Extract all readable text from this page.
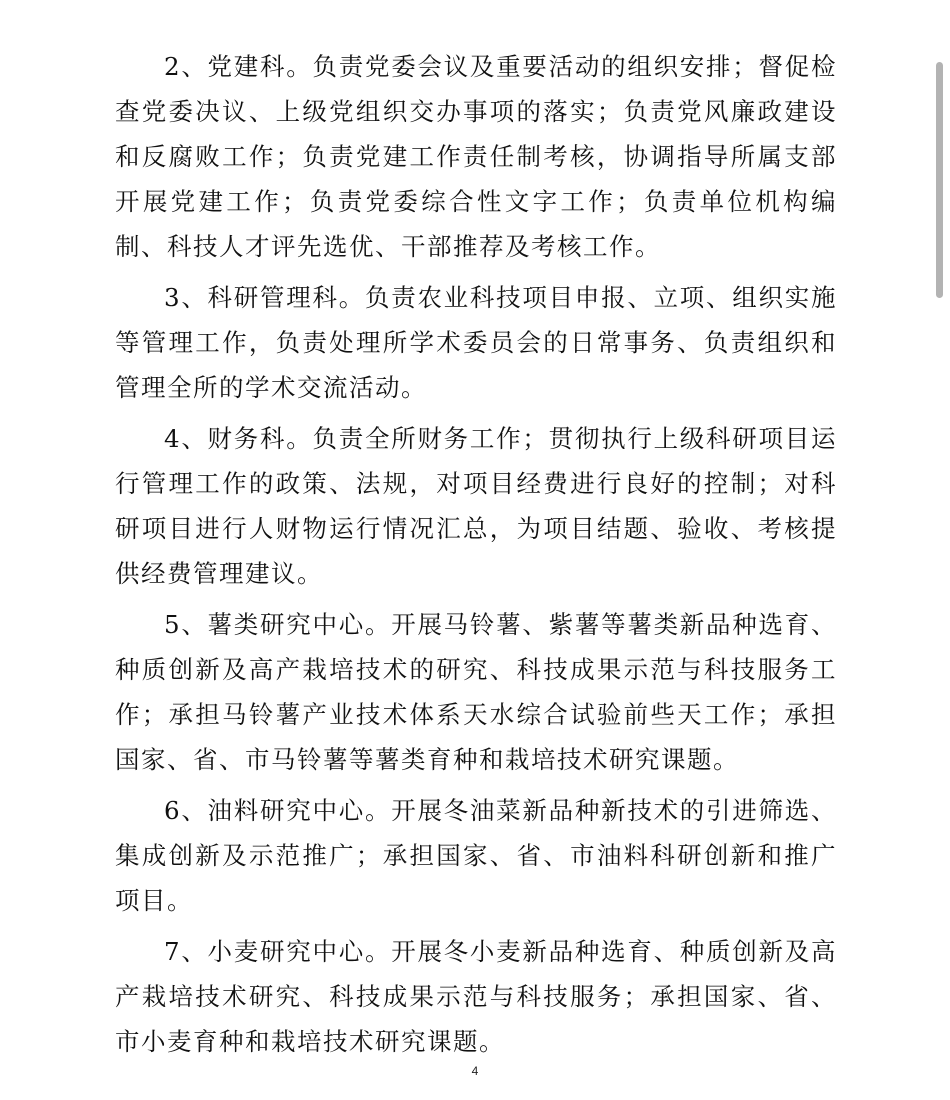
2、党建科。负责党委会议及重要活动的组织安排；督促检查党委决议、上级党组织交办事项的落实；负责党风廉政建设和反腐败工作；负责党建工作责任制考核，协调指导所属支部开展党建工作；负责党委综合性文字工作；负责单位机构编制、科技人才评先选优、干部推荐及考核工作。

3、科研管理科。负责农业科技项目申报、立项、组织实施等管理工作，负责处理所学术委员会的日常事务、负责组织和管理全所的学术交流活动。

4、财务科。负责全所财务工作；贯彻执行上级科研项目运行管理工作的政策、法规，对项目经费进行良好的控制；对科研项目进行人财物运行情况汇总，为项目结题、验收、考核提供经费管理建议。

5、薯类研究中心。开展马铃薯、紫薯等薯类新品种选育、种质创新及高产栽培技术的研究、科技成果示范与科技服务工作；承担马铃薯产业技术体系天水综合试验前些天工作；承担国家、省、市马铃薯等薯类育种和栽培技术研究课题。

6、油料研究中心。开展冬油菜新品种新技术的引进筛选、集成创新及示范推广；承担国家、省、市油料科研创新和推广项目。

7、小麦研究中心。开展冬小麦新品种选育、种质创新及高产栽培技术研究、科技成果示范与科技服务；承担国家、省、市小麦育种和栽培技术研究课题。

4
